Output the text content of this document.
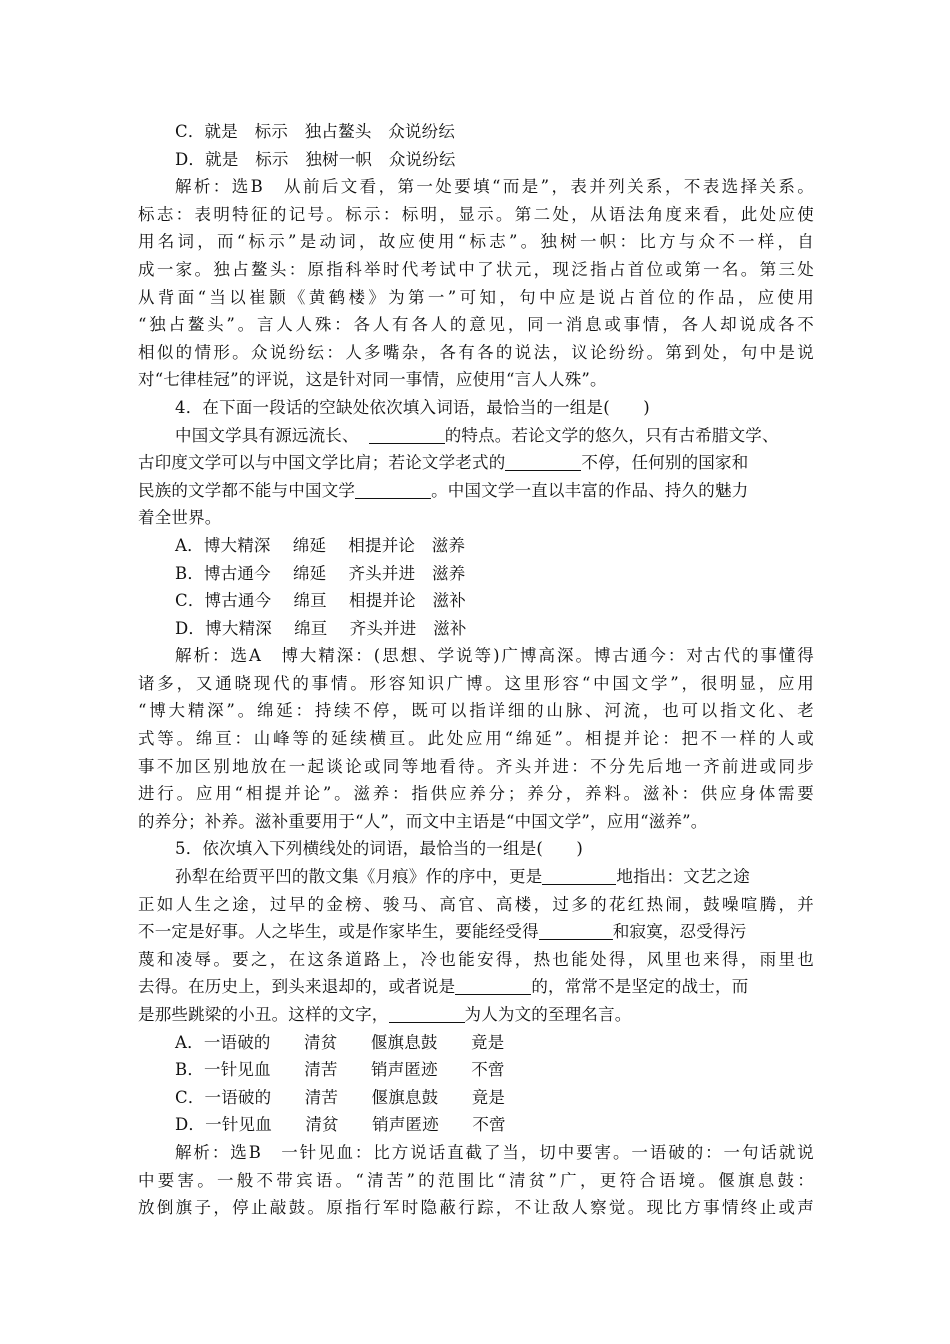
C．就是　标示　独占鳌头　众说纷纭
D．就是　标示　独树一帜　众说纷纭
解析：选B　从前后文看，第一处要填“而是”，表并列关系，不表选择关系。
标志：表明特征的记号。标示：标明，显示。第二处，从语法角度来看，此处应使
用名词，而“标示”是动词，故应使用“标志”。独树一帜：比方与众不一样，自
成一家。独占鳌头：原指科举时代考试中了状元，现泛指占首位或第一名。第三处
从背面“当以崔颢《黄鹤楼》为第一”可知，句中应是说占首位的作品，应使用
“独占鳌头”。言人人殊：各人有各人的意见，同一消息或事情，各人却说成各不
相似的情形。众说纷纭：人多嘴杂，各有各的说法，议论纷纷。第到处，句中是说
对“七律桂冠”的评说，这是针对同一事情，应使用“言人人殊”。
4．在下面一段话的空缺处依次填入词语，最恰当的一组是(　　)
中国文学具有源远流长、	的特点。若论文学的悠久，只有古希腊文学、
古印度文学可以与中国文学比肩；若论文学老式的	不停，任何别的国家和
民族的文学都不能与中国文学	。中国文学一直以丰富的作品、持久的魅力
着全世界。
A．博大精深　 绵延　 相提并论　滋养
B．博古通今　 绵延　 齐头并进　滋养
C．博古通今　 绵亘　 相提并论　滋补
D．博大精深　 绵亘　 齐头并进　滋补
解析：选A　博大精深：(思想、学说等)广博高深。博古通今：对古代的事懂得
诸多，又通晓现代的事情。形容知识广博。这里形容“中国文学”，很明显，应用
“博大精深”。绵延：持续不停，既可以指详细的山脉、河流，也可以指文化、老
式等。绵亘：山峰等的延续横亘。此处应用“绵延”。相提并论：把不一样的人或
事不加区别地放在一起谈论或同等地看待。齐头并进：不分先后地一齐前进或同步
进行。应用“相提并论”。滋养：指供应养分；养分，养料。滋补：供应身体需要
的养分；补养。滋补重要用于“人”，而文中主语是“中国文学”，应用“滋养”。
5．依次填入下列横线处的词语，最恰当的一组是(　　)
孙犁在给贾平凹的散文集《月痕》作的序中，更是	地指出：文艺之途
正如人生之途，过早的金榜、骏马、高官、高楼，过多的花红热闹，鼓噪喧腾，并
不一定是好事。人之毕生，或是作家毕生，要能经受得	和寂寞，忍受得污
蔑和凌辱。要之，在这条道路上，冷也能安得，热也能处得，风里也来得，雨里也
去得。在历史上，到头来退却的，或者说是	的，常常不是坚定的战士，而
是那些跳梁的小丑。这样的文字，	为人为文的至理名言。
A．一语破的　　清贫　　偃旗息鼓　　竟是
B．一针见血　　清苦　　销声匿迹　　不啻
C．一语破的　　清苦　　偃旗息鼓　　竟是
D．一针见血　　清贫　　销声匿迹　　不啻
解析：选B　一针见血：比方说话直截了当，切中要害。一语破的：一句话就说
中要害。一般不带宾语。“清苦”的范围比“清贫”广，更符合语境。偃旗息鼓：
放倒旗子，停止敲鼓。原指行军时隐蔽行踪，不让敌人察觉。现比方事情终止或声
